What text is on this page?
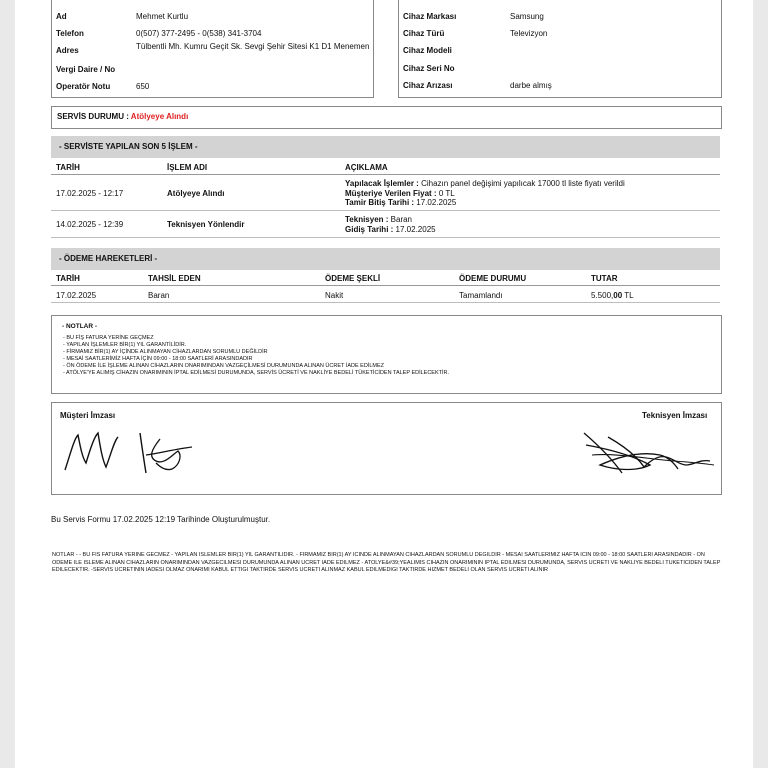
Ad	Mehmet Kurtlu
Telefon	0(507) 377-2495 - 0(538) 341-3704
Adres	Tülbentli Mh. Kumru Geçit Sk. Sevgi Şehir Sitesi K1 D1 Menemen
Vergi Daire / No
Operatör Notu	650
Cihaz Markası	Samsung
Cihaz Türü	Televizyon
Cihaz Modeli
Cihaz Seri No
Cihaz Arızası	darbe almış
SERVİS DURUMU : Atölyeye Alındı
- SERVİSTE YAPILAN SON 5 İŞLEM -
TARİH	İŞLEM ADI	AÇIKLAMA
17.02.2025 - 12:17	Atölyeye Alındı
Yapılacak İşlemler : Cihazın panel değişimi yapılıcak 17000 tl liste fiyatı verildi
Müşteriye Verilen Fiyat : 0 TL
Tamir Bitiş Tarihi : 17.02.2025
14.02.2025 - 12:39	Teknisyen Yönlendir
Teknisyen : Baran
Gidiş Tarihi : 17.02.2025
- ÖDEME HAREKETLERİ -
TARİH	TAHSİL EDEN	ÖDEME ŞEKLİ	ÖDEME DURUMU	TUTAR
17.02.2025	Baran	Nakit	Tamamlandı	5.500,00 TL
- NOTLAR -
- BU FİŞ FATURA YERİNE GEÇMEZ
- YAPILAN İŞLEMLER BİR(1) YIL GARANTİLİDİR.
- FİRMAMIZ BİR(1) AY İÇİNDE ALINMAYAN CİHAZLARDAN SORUMLU DEĞİLDİR
- MESAİ SAATLERİMİZ HAFTA İÇİN 09:00 - 18:00 SAATLERİ ARASINDADIR
- ÖN ÖDEME İLE İŞLEME ALINAN CİHAZLARIN ONARIMINDAN VAZGEÇİLMESİ DURUMUNDA ALINAN ÜCRET İADE EDİLMEZ
- ATÖLYE'YE ALIMIŞ CİHAZIN ONARIMININ İPTAL EDİLMESİ DURUMUNDA, SERVİS ÜCRETİ VE NAKLİYE BEDELİ TÜKETİCİDEN TALEP EDİLECEKTİR.
Müşteri İmzası	Teknisyen İmzası
Bu Servis Formu 17.02.2025 12:19 Tarihinde Oluşturulmuştur.
NOTLAR - - BU FIS FATURA YERINE GECMEZ - YAPILAN ISLEMLER BIR(1) YIL GARANTILIDIR. - FIRMAMIZ BIR(1) AY ICINDE ALINMAYAN CIHAZLARDAN SORUMLU DEGILDIR - MESAI SAATLERIMIZ HAFTA ICIN 09:00 - 18:00 SAATLERI ARASINDADIR - ON ODEME ILE ISLEME ALINAN CIHAZLARIN ONARIMINDAN VAZGECILMESI DURUMUNDA ALINAN UCRET IADE EDILMEZ - ATOLYE&#39;YEALIMIS CIHAZIN ONARIMININ IPTAL EDILMESI DURUMUNDA, SERVIS UCRETI VE NAKLIYE BEDELI TUKETICIDEN TALEP EDILECEKTIR. -SERVIS UCRETININ IADESI OLMAZ ONARIMI KABUL ETTIGI TAKTIRDE SERVIS UCRETI ALINMAZ KABUL EDILMEDIGI TAKTIRDE HIZMET BEDELI OLAN SERVIS UCRETI ALINIR
